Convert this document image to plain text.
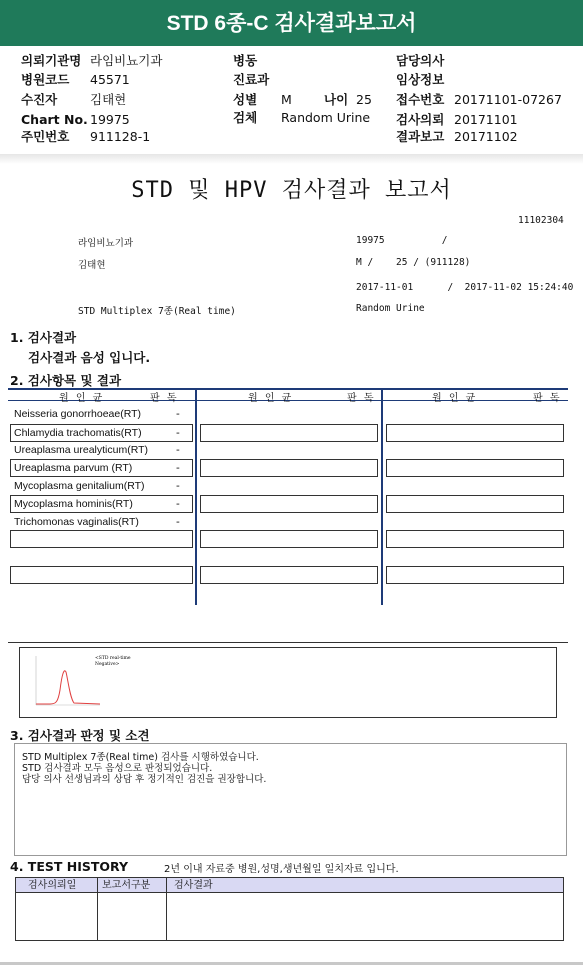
STD 6종-C 검사결과보고서
의뢰기관명 라임비뇨기과
병원코드 45571
수진자	김태현
Chart No. 19975
주민번호 911128-1
병동
진료과
성별 M	나이 25
검체 Random Urine
담당의사
임상정보
접수번호 20171101-07267
검사의뢰 20171101
결과보고 20171102
STD 및 HPV 검사결과 보고서
11102304
라임비뇨기과	19975          /
김태현	M /    25 / (911128)
2017-11-01      /  2017-11-02 15:24:40
STD Multiplex 7종(Real time)	Random Urine
1. 검사결과
검사결과 음성 입니다.
2. 검사항목 및 결과
원 인 균	판 독	원 인 균	판 독	원 인 균	판 독
Neisseria gonorrhoeae(RT)	-
Chlamydia trachomatis(RT)	-
Ureaplasma urealyticum(RT)	-
Ureaplasma parvum (RT)	-
Mycoplasma genitalium(RT)	-
Mycoplasma hominis(RT)	-
Trichomonas vaginalis(RT)	-
<STD real-time
Negative>
3. 검사결과 판정 및 소견
STD Multiplex 7종(Real time) 검사를 시행하였습니다.
STD 검사결과 모두 음성으로 판정되었습니다.
담당 의사 선생님과의 상담 후 정기적인 검진을 권장합니다.
4. TEST HISTORY	2년 이내 자료중 병원,성명,생년월일 일치자료 입니다.
검사의뢰일	보고서구분 검사결과
